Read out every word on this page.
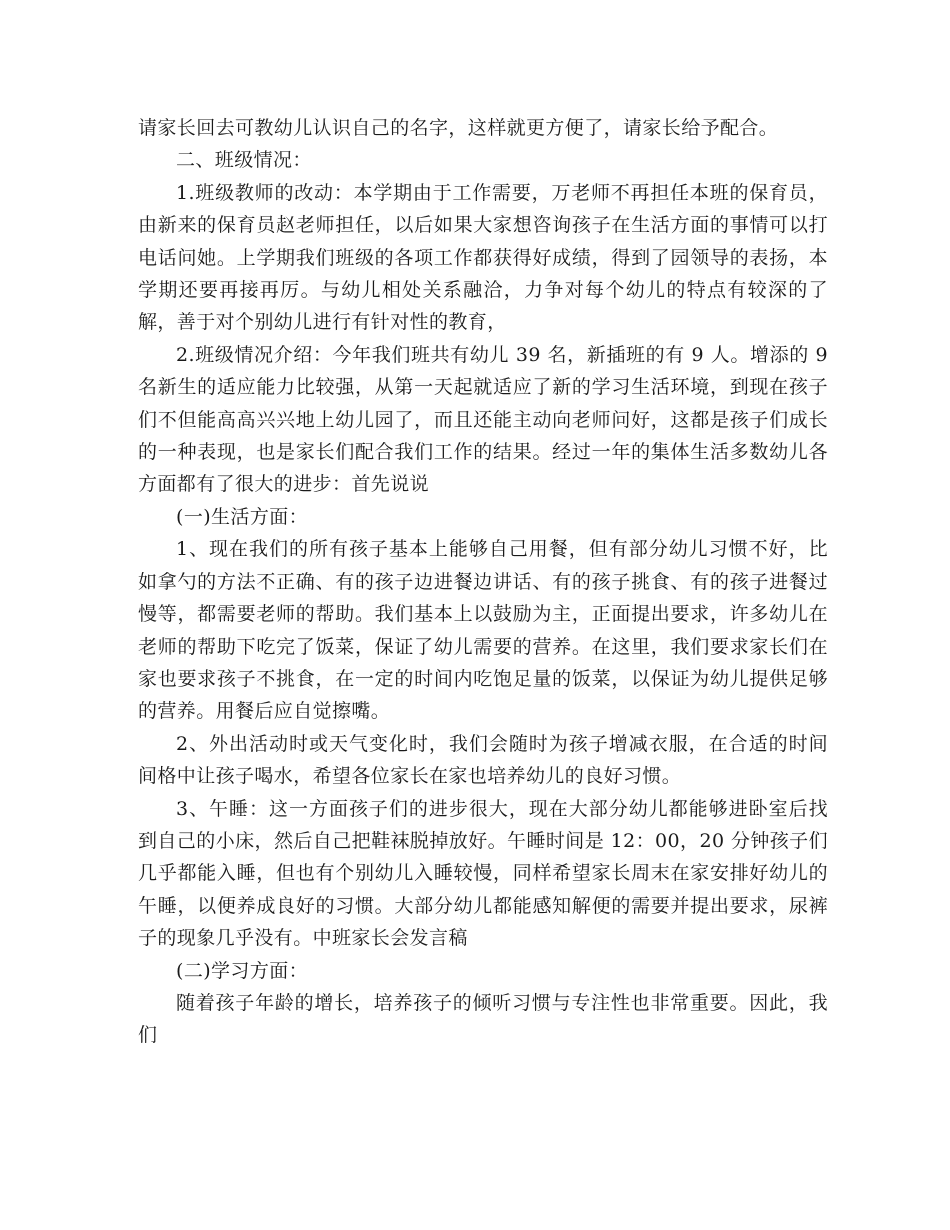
请家长回去可教幼儿认识自己的名字，这样就更方便了，请家长给予配合。

二、班级情况：

1.班级教师的改动：本学期由于工作需要，万老师不再担任本班的保育员，由新来的保育员赵老师担任，以后如果大家想咨询孩子在生活方面的事情可以打电话问她。上学期我们班级的各项工作都获得好成绩，得到了园领导的表扬，本学期还要再接再厉。与幼儿相处关系融洽，力争对每个幼儿的特点有较深的了解，善于对个别幼儿进行有针对性的教育，

2.班级情况介绍：今年我们班共有幼儿 39 名，新插班的有 9 人。增添的 9 名新生的适应能力比较强，从第一天起就适应了新的学习生活环境，到现在孩子们不但能高高兴兴地上幼儿园了，而且还能主动向老师问好，这都是孩子们成长的一种表现，也是家长们配合我们工作的结果。经过一年的集体生活多数幼儿各方面都有了很大的进步：首先说说

(一)生活方面：

1、现在我们的所有孩子基本上能够自己用餐，但有部分幼儿习惯不好，比如拿勺的方法不正确、有的孩子边进餐边讲话、有的孩子挑食、有的孩子进餐过慢等，都需要老师的帮助。我们基本上以鼓励为主，正面提出要求，许多幼儿在老师的帮助下吃完了饭菜，保证了幼儿需要的营养。在这里，我们要求家长们在家也要求孩子不挑食，在一定的时间内吃饱足量的饭菜，以保证为幼儿提供足够的营养。用餐后应自觉擦嘴。

2、外出活动时或天气变化时，我们会随时为孩子增减衣服，在合适的时间间格中让孩子喝水，希望各位家长在家也培养幼儿的良好习惯。

3、午睡：这一方面孩子们的进步很大，现在大部分幼儿都能够进卧室后找到自己的小床，然后自己把鞋袜脱掉放好。午睡时间是 12：00，20 分钟孩子们几乎都能入睡，但也有个别幼儿入睡较慢，同样希望家长周末在家安排好幼儿的午睡，以便养成良好的习惯。大部分幼儿都能感知解便的需要并提出要求，尿裤子的现象几乎没有。中班家长会发言稿

(二)学习方面：

随着孩子年龄的增长，培养孩子的倾听习惯与专注性也非常重要。因此，我们
